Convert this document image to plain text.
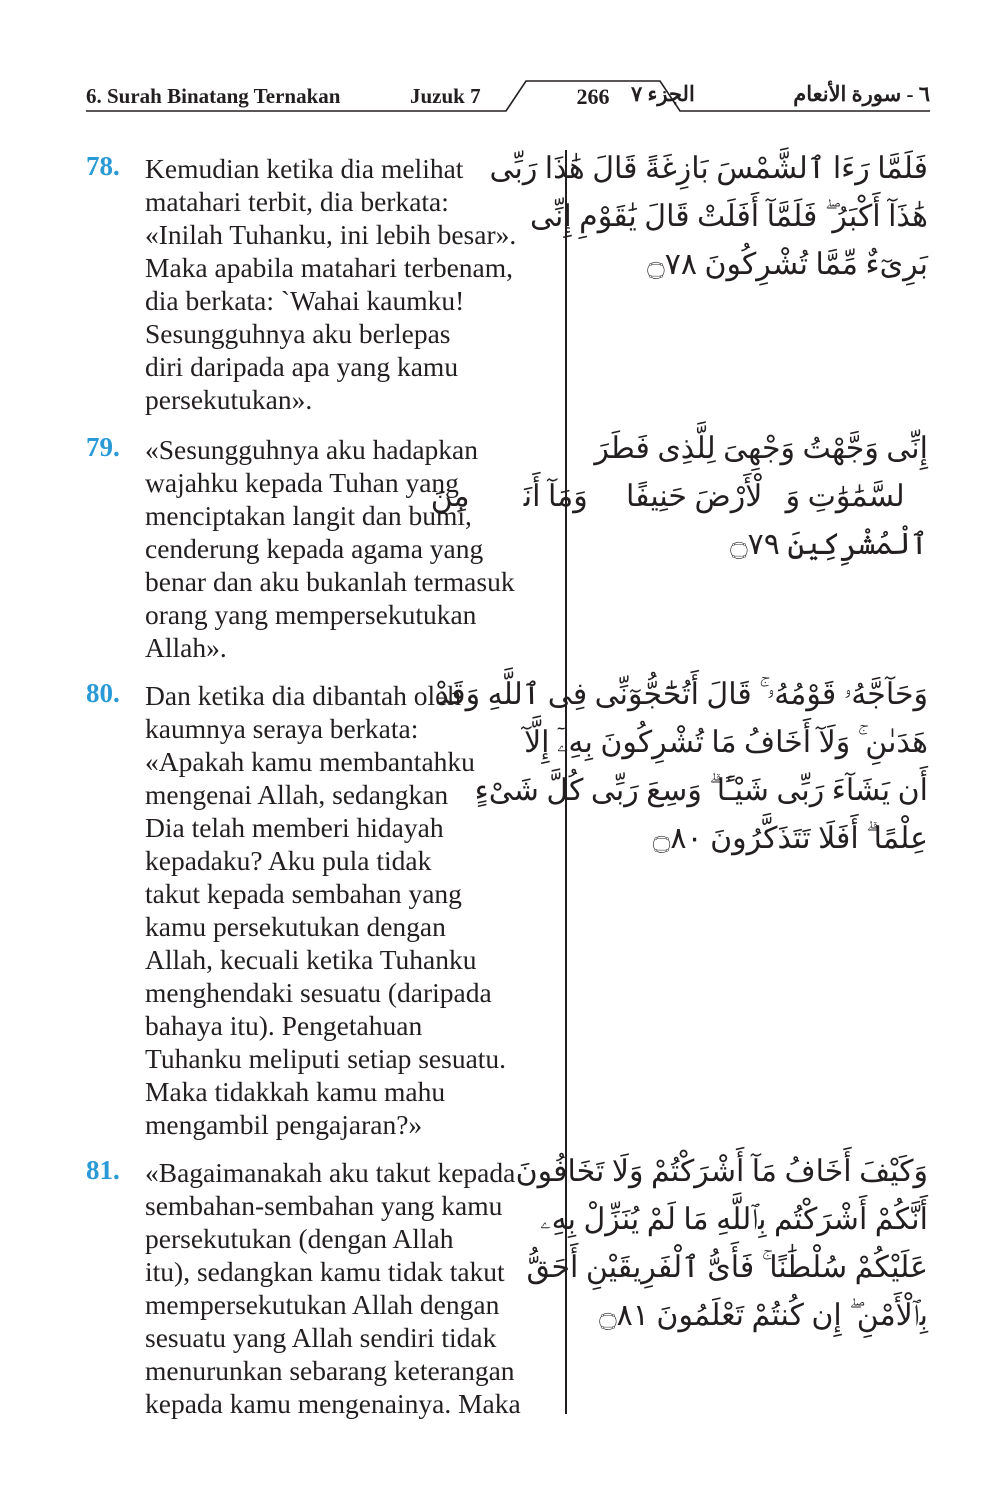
6. Surah Binatang Ternakan	Juzuk 7	266	الجزء ٧	٦ - سورة الأنعام
78. Kemudian ketika dia melihat
matahari terbit, dia berkata:
«Inilah Tuhanku, ini lebih besar».
Maka apabila matahari terbenam,
dia berkata: `Wahai kaumku!
Sesungguhnya aku berlepas
diri daripada apa yang kamu
persekutukan».
فَلَمَّا رَءَا ٱلشَّمْسَ بَازِغَةً قَالَ هَٰذَا رَبِّى
هَٰذَآ أَكْبَرُ ۖ فَلَمَّآ أَفَلَتْ قَالَ يَٰقَوْمِ إِنِّى
بَرِىٓءٌ مِّمَّا تُشْرِكُونَ ۝٧٨
79. «Sesungguhnya aku hadapkan
wajahku kepada Tuhan yang
menciptakan langit dan bumi,
cenderung kepada agama yang
benar dan aku bukanlah termasuk
orang yang mempersekutukan
Allah».
إِنِّى وَجَّهْتُ وَجْهِىَ لِلَّذِى فَطَرَ
ٱلسَّمَٰوَٰتِ وَٱلْأَرْضَ حَنِيفًا ۖ وَمَآ أَنَا۠ مِنَ
ٱلْمُشْرِكِينَ ۝٧٩
80. Dan ketika dia dibantah oleh
kaumnya seraya berkata:
«Apakah kamu membantahku
mengenai Allah, sedangkan
Dia telah memberi hidayah
kepadaku? Aku pula tidak
takut kepada sembahan yang
kamu persekutukan dengan
Allah, kecuali ketika Tuhanku
menghendaki sesuatu (daripada
bahaya itu). Pengetahuan
Tuhanku meliputi setiap sesuatu.
Maka tidakkah kamu mahu
mengambil pengajaran?»
وَحَآجَّهُۥ قَوْمُهُۥ ۚ قَالَ أَتُحَٰٓجُّوٓنِّى فِى ٱللَّهِ وَقَدْ
هَدَىٰنِ ۚ وَلَآ أَخَافُ مَا تُشْرِكُونَ بِهِۦٓ إِلَّآ
أَن يَشَآءَ رَبِّى شَيْـًٔا ۗ وَسِعَ رَبِّى كُلَّ شَىْءٍ
عِلْمًا ۗ أَفَلَا تَتَذَكَّرُونَ ۝٨٠
81. «Bagaimanakah aku takut kepada
sembahan-sembahan yang kamu
persekutukan (dengan Allah
itu), sedangkan kamu tidak takut
mempersekutukan Allah dengan
sesuatu yang Allah sendiri tidak
menurunkan sebarang keterangan
kepada kamu mengenainya. Maka
وَكَيْفَ أَخَافُ مَآ أَشْرَكْتُمْ وَلَا تَخَافُونَ
أَنَّكُمْ أَشْرَكْتُم بِٱللَّهِ مَا لَمْ يُنَزِّلْ بِهِۦ
عَلَيْكُمْ سُلْطَٰنًا ۚ فَأَىُّ ٱلْفَرِيقَيْنِ أَحَقُّ
بِٱلْأَمْنِ ۖ إِن كُنتُمْ تَعْلَمُونَ ۝٨١
